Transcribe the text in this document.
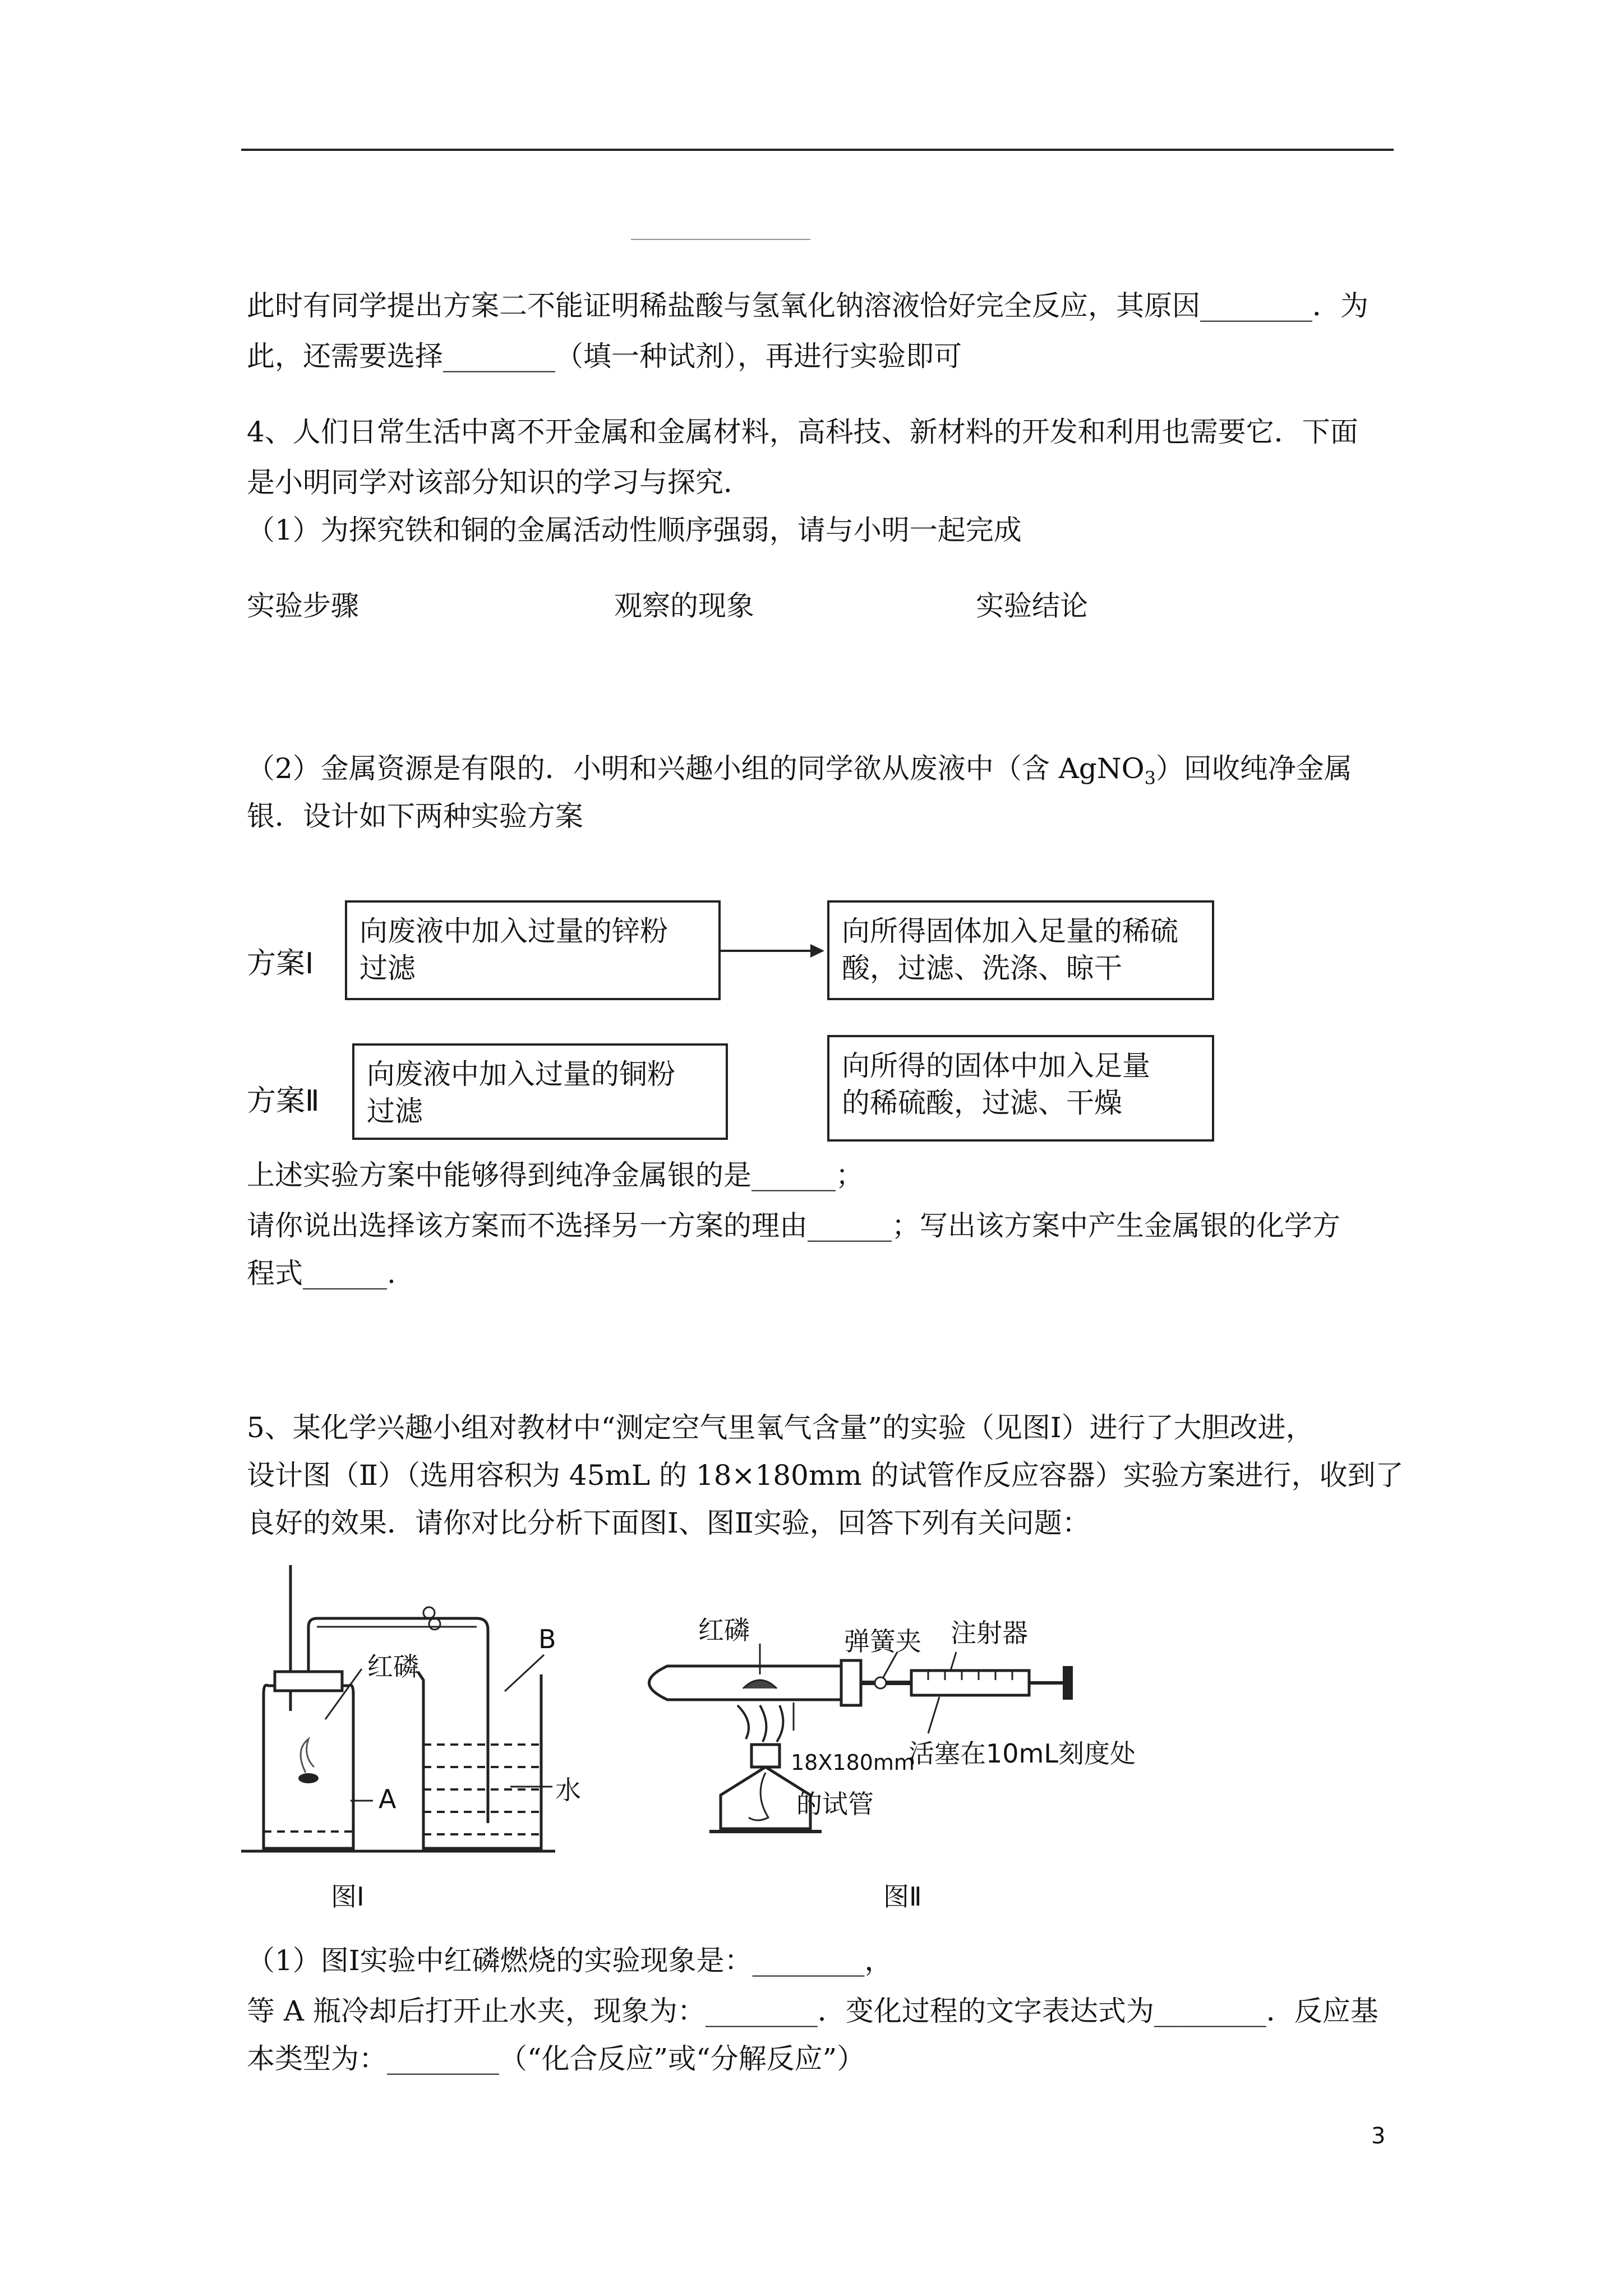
________________
此时有同学提出方案二不能证明稀盐酸与氢氧化钠溶液恰好完全反应，其原因________．为
此，还需要选择________（填一种试剂），再进行实验即可
4、人们日常生活中离不开金属和金属材料，高科技、新材料的开发和利用也需要它．下面
是小明同学对该部分知识的学习与探究．
（1）为探究铁和铜的金属活动性顺序强弱，请与小明一起完成
实验步骤	观察的现象	实验结论
（2）金属资源是有限的．小明和兴趣小组的同学欲从废液中（含 AgNO$_3$）回收纯净金属
银．设计如下两种实验方案
方案Ⅰ
向废液中加入过量的锌粉
过滤
向所得固体加入足量的稀硫
酸，过滤、洗涤、晾干
方案Ⅱ
向废液中加入过量的铜粉
过滤
向所得的固体中加入足量
的稀硫酸，过滤、干燥
上述实验方案中能够得到纯净金属银的是______；
请你说出选择该方案而不选择另一方案的理由______；写出该方案中产生金属银的化学方
程式______.
5、某化学兴趣小组对教材中“测定空气里氧气含量”的实验（见图Ⅰ）进行了大胆改进，
设计图（Ⅱ）（选用容积为 45mL 的 18×180mm 的试管作反应容器）实验方案进行，收到了
良好的效果．请你对比分析下面图Ⅰ、图Ⅱ实验，回答下列有关问题：
红磷
B
A	水
图Ⅰ
红磷	弹簧夹 注射器
活塞在10mL刻度处
18X180mm
的试管
图Ⅱ
（1）图Ⅰ实验中红磷燃烧的实验现象是：________，
等 A 瓶冷却后打开止水夹，现象为：________．变化过程的文字表达式为________．反应基
本类型为：________（“化合反应”或“分解反应”）
3
